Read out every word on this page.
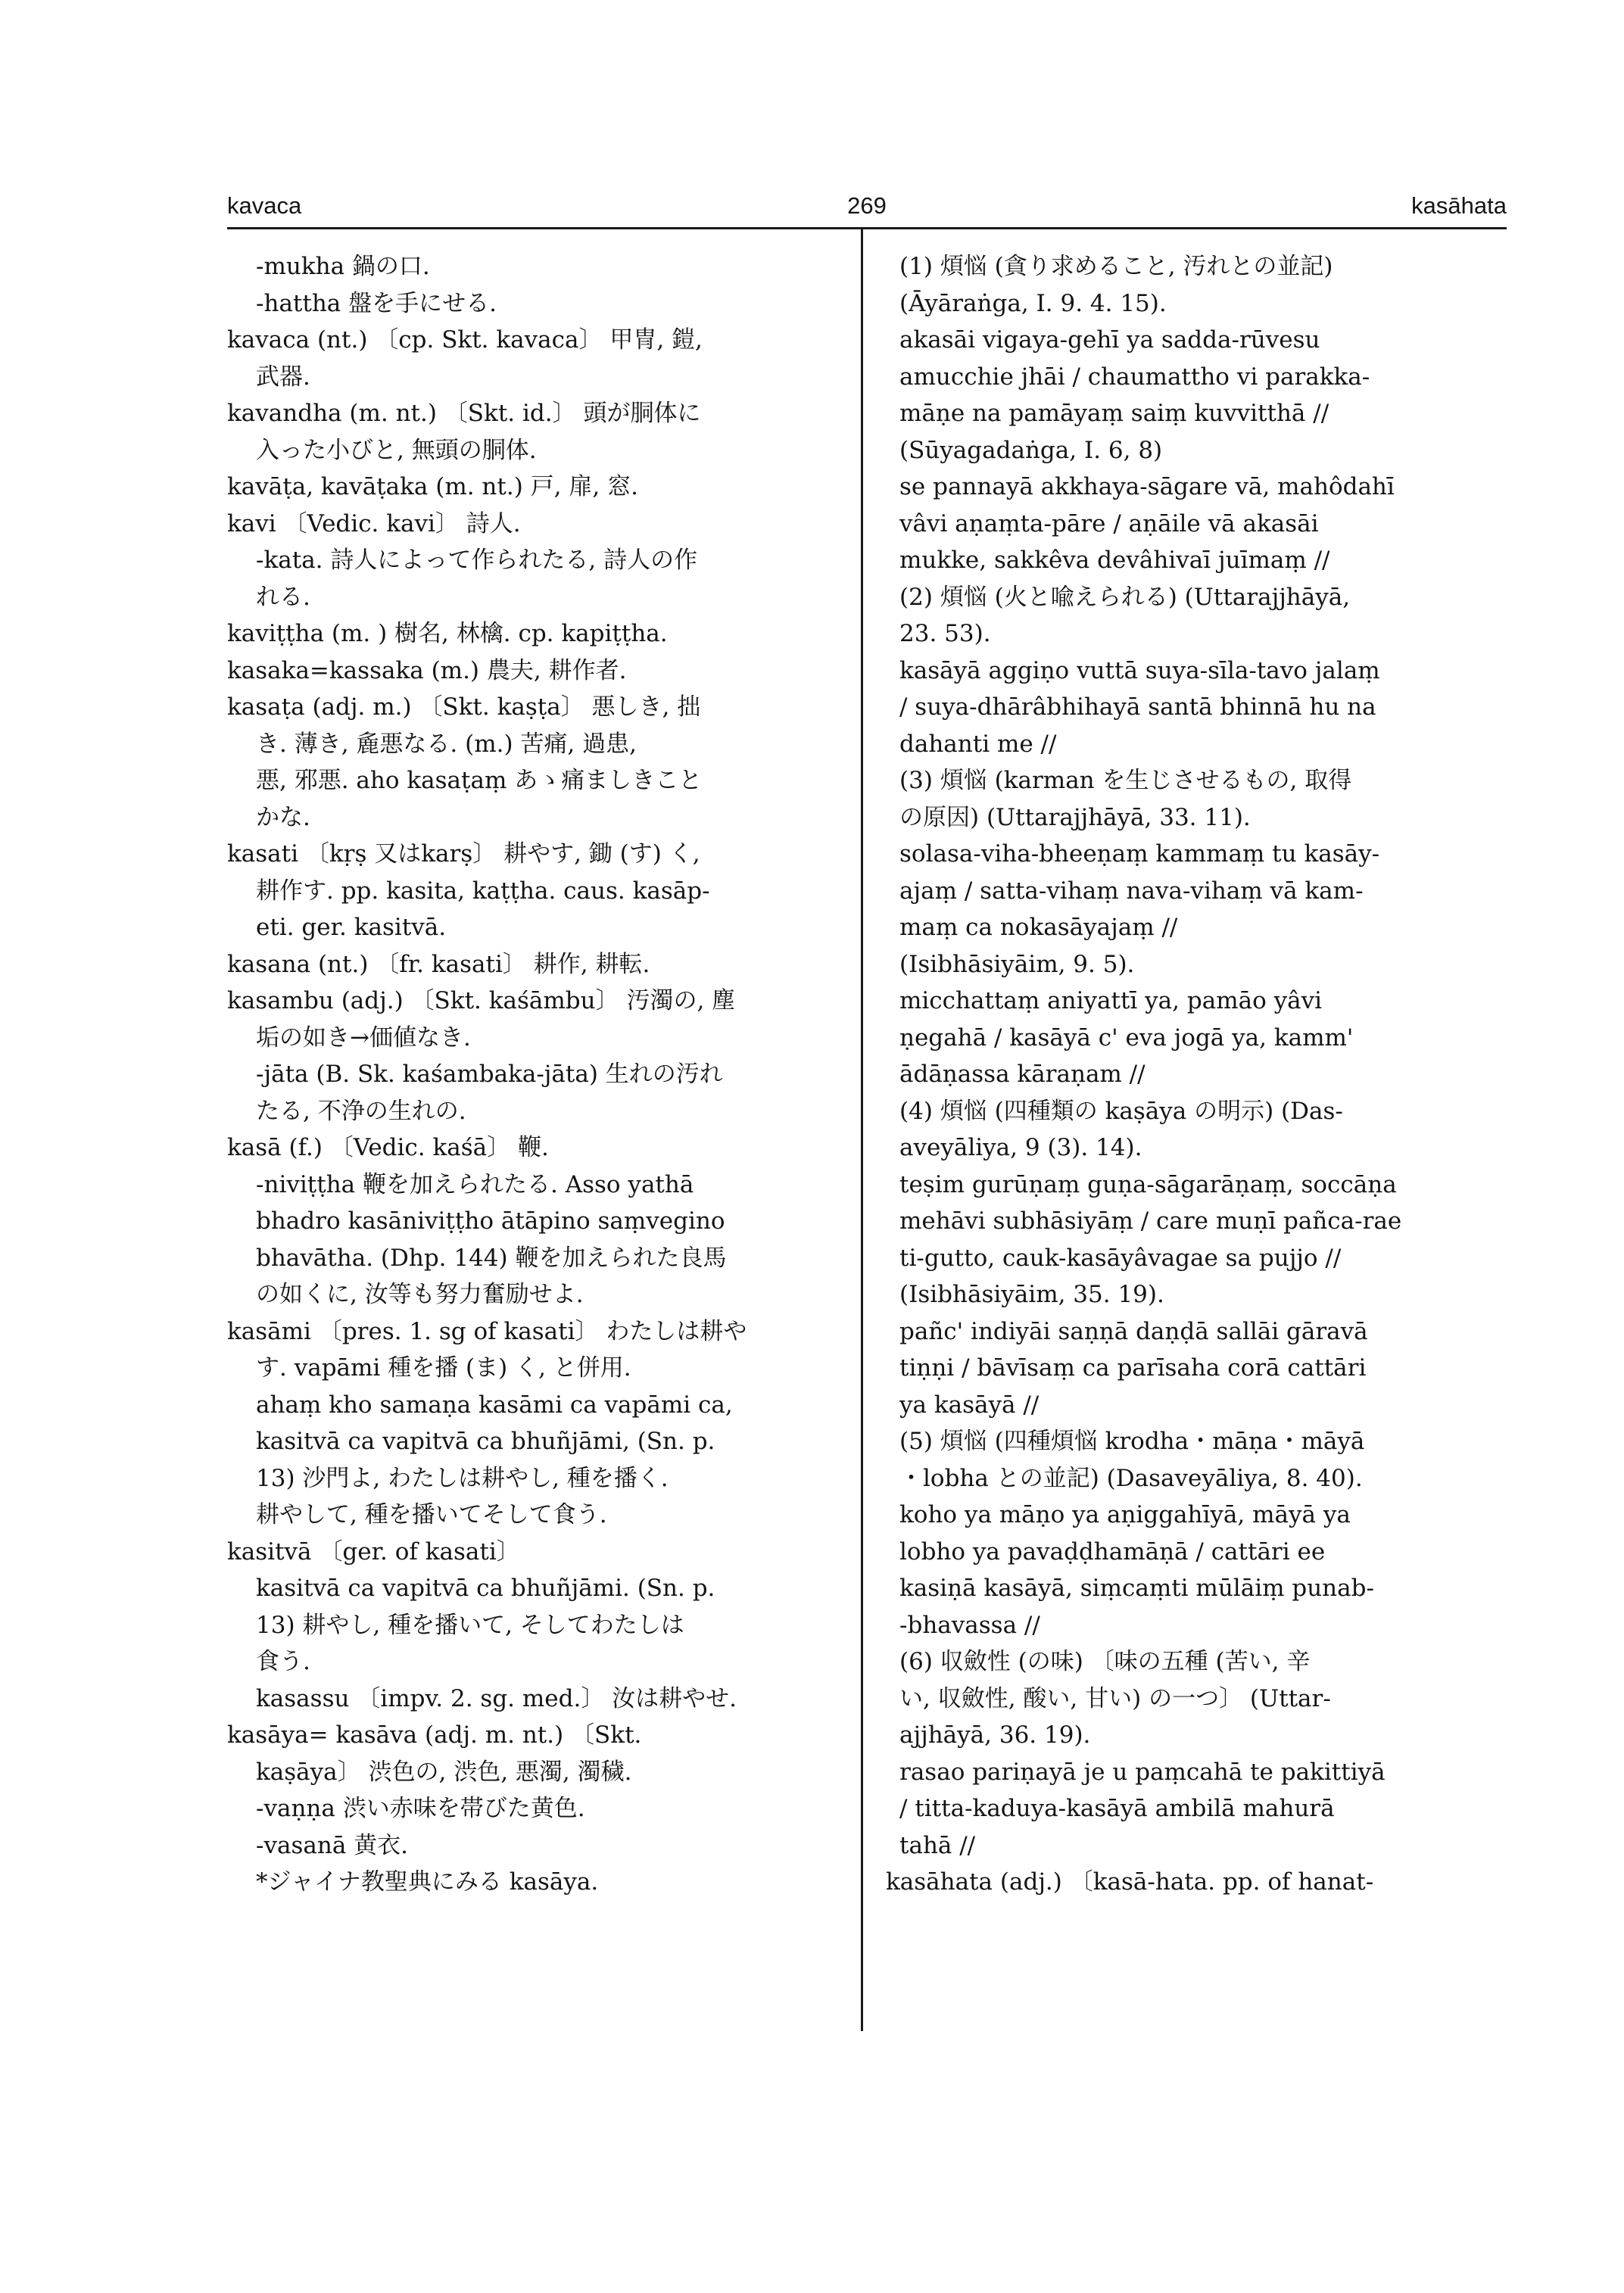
kavaca	269	kasāhata
-mukha 鍋の口.
-hattha 盤を手にせる.
kavaca (nt.) 〔cp. Skt. kavaca〕 甲冑, 鎧,
武器.
kavandha (m. nt.) 〔Skt. id.〕 頭が胴体に
入った小びと, 無頭の胴体.
kavāṭa, kavāṭaka (m. nt.) 戸, 扉, 窓.
kavi 〔Vedic. kavi〕 詩人.
-kata. 詩人によって作られたる, 詩人の作
れる.
kaviṭṭha (m. ) 樹名, 林檎. cp. kapiṭṭha.
kasaka=kassaka (m.) 農夫, 耕作者.
kasaṭa (adj. m.) 〔Skt. kaṣṭa〕 悪しき, 拙
き. 薄き, 麁悪なる. (m.) 苦痛, 過患,
悪, 邪悪. aho kasaṭaṃ あゝ痛ましきこと
かな.
kasati 〔kṛṣ 又はkarṣ〕 耕やす, 鋤 (す) く,
耕作す. pp. kasita, kaṭṭha. caus. kasāp-
eti. ger. kasitvā.
kasana (nt.) 〔fr. kasati〕 耕作, 耕転.
kasambu (adj.) 〔Skt. kaśāmbu〕 汚濁の, 塵
垢の如き→価値なき.
-jāta (B. Sk. kaśambaka-jāta) 生れの汚れ
たる, 不浄の生れの.
kasā (f.) 〔Vedic. kaśā〕 鞭.
-niviṭṭha 鞭を加えられたる. Asso yathā
bhadro kasāniviṭṭho ātāpino saṃvegino
bhavātha. (Dhp. 144) 鞭を加えられた良馬
の如くに, 汝等も努力奮励せよ.
kasāmi 〔pres. 1. sg of kasati〕 わたしは耕や
す. vapāmi 種を播 (ま) く, と併用.
ahaṃ kho samaṇa kasāmi ca vapāmi ca,
kasitvā ca vapitvā ca bhuñjāmi, (Sn. p.
13) 沙門よ, わたしは耕やし, 種を播く.
耕やして, 種を播いてそして食う.
kasitvā 〔ger. of kasati〕
kasitvā ca vapitvā ca bhuñjāmi. (Sn. p.
13) 耕やし, 種を播いて, そしてわたしは
食う.
kasassu 〔impv. 2. sg. med.〕 汝は耕やせ.
kasāya= kasāva (adj. m. nt.) 〔Skt.
kaṣāya〕 渋色の, 渋色, 悪濁, 濁穢.
-vaṇṇa 渋い赤味を帯びた黄色.
-vasanā 黄衣.
*ジャイナ教聖典にみる kasāya.
(1) 煩悩 (貪り求めること, 汚れとの並記)
(Āyāraṅga, I. 9. 4. 15).
akasāi vigaya-gehī ya sadda-rūvesu
amucchie jhāi / chaumattho vi parakka-
māṇe na pamāyaṃ saiṃ kuvvitthā //
(Sūyagadaṅga, I. 6, 8)
se pannayā akkhaya-sāgare vā, mahôdahī
vâvi aṇaṃta-pāre / aṇāile vā akasāi
mukke, sakkêva devâhivaī juīmaṃ //
(2) 煩悩 (火と喩えられる) (Uttarajjhāyā,
23. 53).
kasāyā aggiṇo vuttā suya-sīla-tavo jalaṃ
/ suya-dhārâbhihayā santā bhinnā hu na
dahanti me //
(3) 煩悩 (karman を生じさせるもの, 取得
の原因) (Uttarajjhāyā, 33. 11).
solasa-viha-bheeṇaṃ kammaṃ tu kasāy-
ajaṃ / satta-vihaṃ nava-vihaṃ vā kam-
maṃ ca nokasāyajaṃ //
(Isibhāsiyāim, 9. 5).
micchattaṃ aniyattī ya, pamāo yâvi
ṇegahā / kasāyā c' eva jogā ya, kamm'
ādāṇassa kāraṇam //
(4) 煩悩 (四種類の kaṣāya の明示) (Das-
aveyāliya, 9 (3). 14).
teṣim gurūṇaṃ guṇa-sāgarāṇaṃ, soccāṇa
mehāvi subhāsiyāṃ / care muṇī pañca-rae
ti-gutto, cauk-kasāyâvagae sa pujjo //
(Isibhāsiyāim, 35. 19).
pañc' indiyāi saṇṇā daṇḍā sallāi gāravā
tiṇṇi / bāvīsaṃ ca parīsaha corā cattāri
ya kasāyā //
(5) 煩悩 (四種煩悩 krodha・māṇa・māyā
・lobha との並記) (Dasaveyāliya, 8. 40).
koho ya māṇo ya aṇiggahīyā, māyā ya
lobho ya pavaḍḍhamāṇā / cattāri ee
kasiṇā kasāyā, siṃcaṃti mūlāiṃ punab-
-bhavassa //
(6) 収斂性 (の味) 〔味の五種 (苦い, 辛
い, 収斂性, 酸い, 甘い) の一つ〕 (Uttar-
ajjhāyā, 36. 19).
rasao pariṇayā je u paṃcahā te pakittiyā
/ titta-kaduya-kasāyā ambilā mahurā
tahā //
kasāhata (adj.) 〔kasā-hata. pp. of hanat-
